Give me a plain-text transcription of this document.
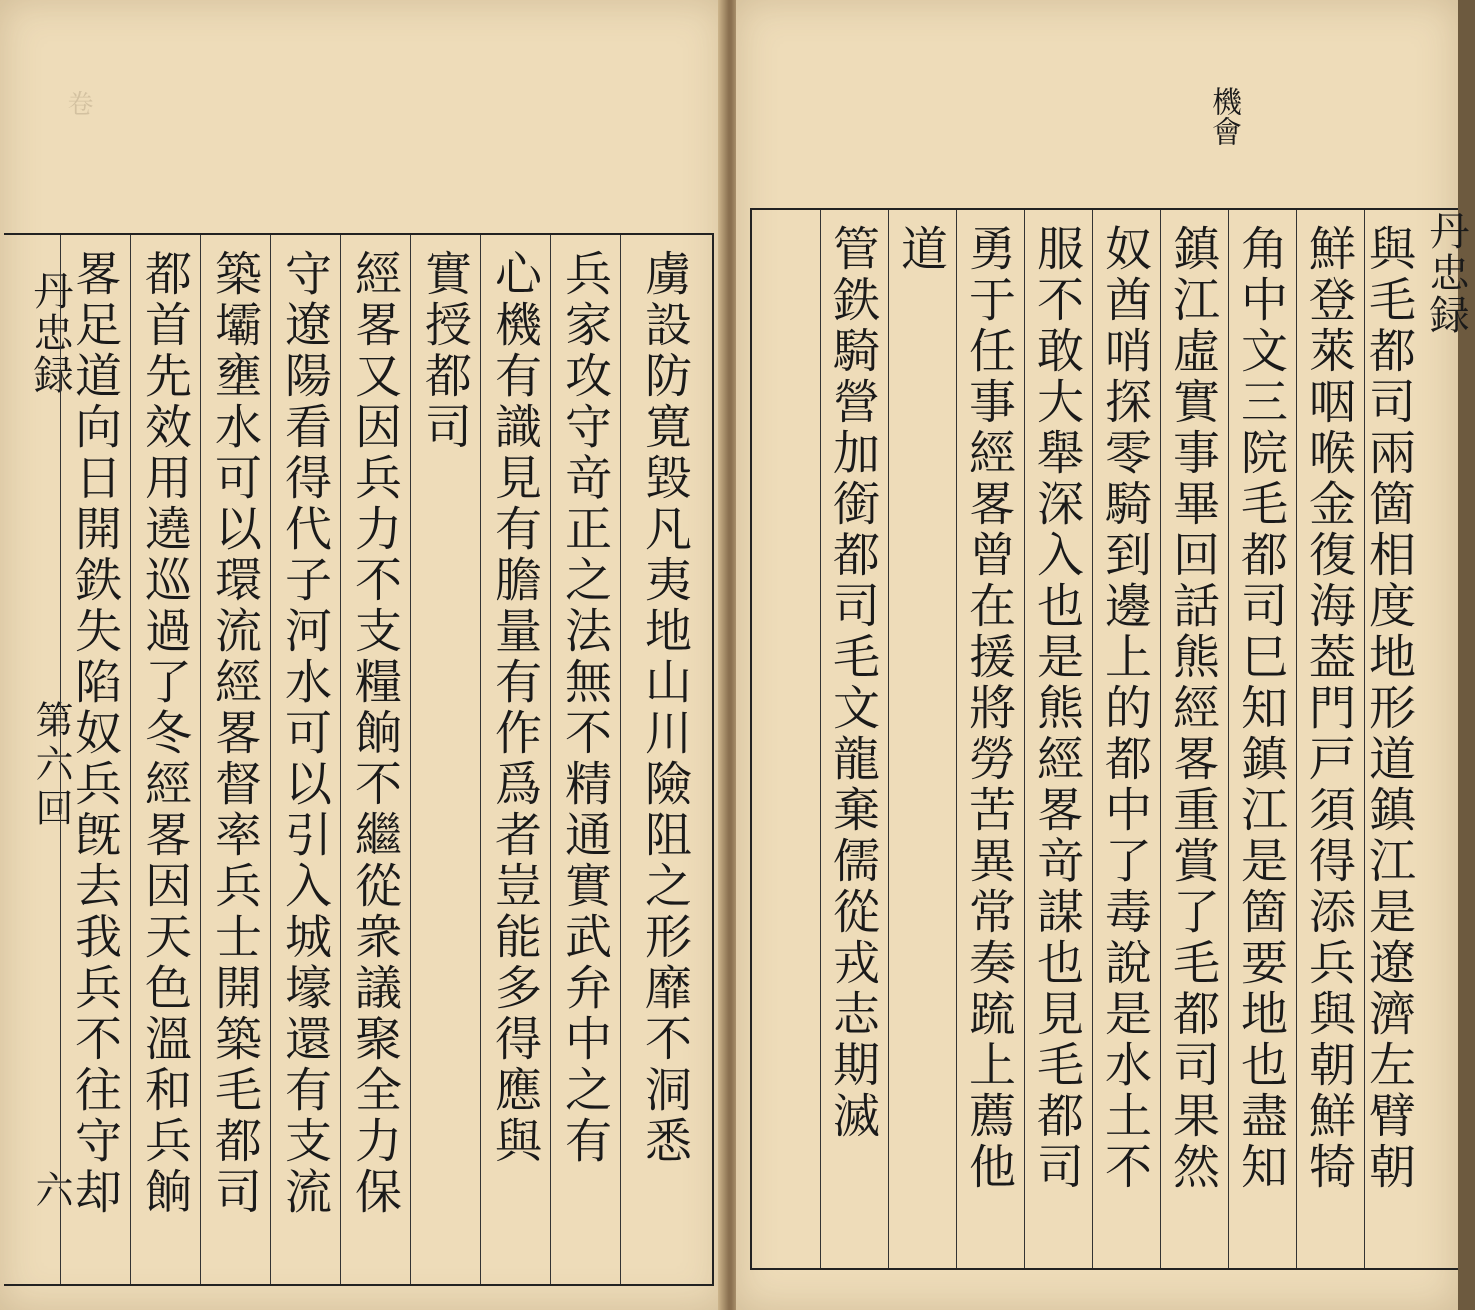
卷
丹忠録
第六回
六
虜設防寛毀凡夷地山川險阻之形靡不洞悉
兵家攻守竒正之法無不精通實武弁中之有
心機有識見有膽量有作爲者豈能多得應與
實授都司
經畧又因兵力不支糧餉不繼從衆議聚全力保
守遼陽看得代子河水可以引入城壕還有支流
築壩壅水可以環流經畧督率兵士開築毛都司
都首先效用遶巡過了冬經畧因天色溫和兵餉
畧足道向日開鉄失陷奴兵旣去我兵不往守却
機會
丹忠録
與毛都司兩箇相度地形道鎮江是遼濟左臂朝
鮮登萊咽喉金復海葢門戸須得添兵與朝鮮犄
角中文三院毛都司巳知鎮江是箇要地也盡知
鎮江虛實事畢回話熊經畧重賞了毛都司果然
奴酋哨探零騎到邊上的都中了毒說是水土不
服不敢大舉深入也是熊經畧竒謀也見毛都司
勇于任事經畧曾在援將勞苦異常奏䟽上薦他
道
管鉄騎營加銜都司毛文龍棄儒從戎志期滅
